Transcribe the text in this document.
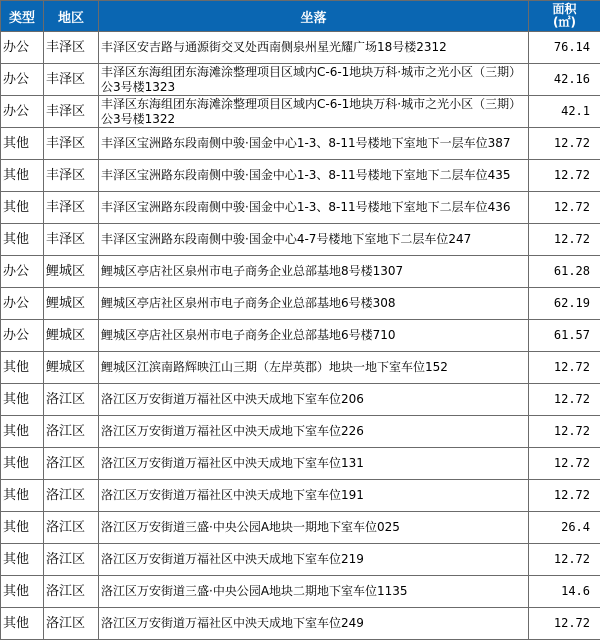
类型	地区	坐落	面积
(㎡)
办公	丰泽区	丰泽区安吉路与通源街交叉处西南侧泉州星光耀广场18号楼2312	76.14
办公	丰泽区	丰泽区东海组团东海滩涂整理项目区域内C-6-1地块万科·城市之光小区（三期）公3号楼1323	42.16
办公	丰泽区	丰泽区东海组团东海滩涂整理项目区域内C-6-1地块万科·城市之光小区（三期）公3号楼1322	42.1
其他	丰泽区	丰泽区宝洲路东段南侧中骏·国金中心1-3、8-11号楼地下室地下一层车位387	12.72
其他	丰泽区	丰泽区宝洲路东段南侧中骏·国金中心1-3、8-11号楼地下室地下二层车位435	12.72
其他	丰泽区	丰泽区宝洲路东段南侧中骏·国金中心1-3、8-11号楼地下室地下二层车位436	12.72
其他	丰泽区	丰泽区宝洲路东段南侧中骏·国金中心4-7号楼地下室地下二层车位247	12.72
办公	鲤城区	鲤城区亭店社区泉州市电子商务企业总部基地8号楼1307	61.28
办公	鲤城区	鲤城区亭店社区泉州市电子商务企业总部基地6号楼308	62.19
办公	鲤城区	鲤城区亭店社区泉州市电子商务企业总部基地6号楼710	61.57
其他	鲤城区	鲤城区江滨南路辉映江山三期（左岸英郡）地块一地下室车位152	12.72
其他	洛江区	洛江区万安街道万福社区中泱天成地下室车位206	12.72
其他	洛江区	洛江区万安街道万福社区中泱天成地下室车位226	12.72
其他	洛江区	洛江区万安街道万福社区中泱天成地下室车位131	12.72
其他	洛江区	洛江区万安街道万福社区中泱天成地下室车位191	12.72
其他	洛江区	洛江区万安街道三盛·中央公园A地块一期地下室车位025	26.4
其他	洛江区	洛江区万安街道万福社区中泱天成地下室车位219	12.72
其他	洛江区	洛江区万安街道三盛·中央公园A地块二期地下室车位1135	14.6
其他	洛江区	洛江区万安街道万福社区中泱天成地下室车位249	12.72
